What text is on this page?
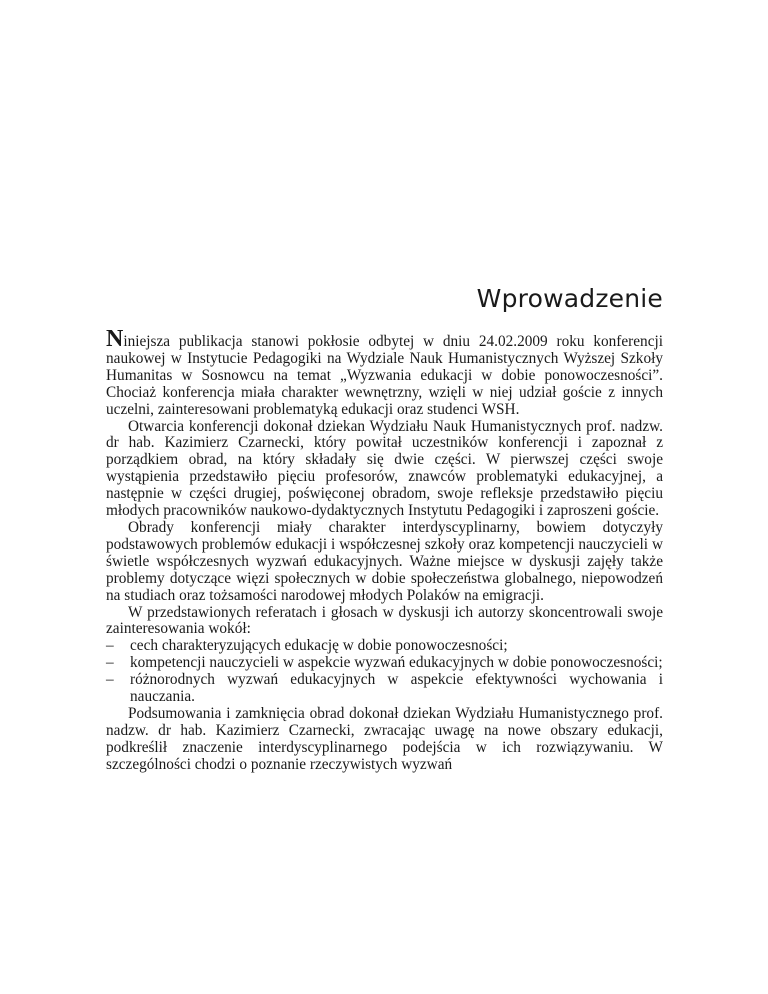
Wprowadzenie

Niniejsza publikacja stanowi pokłosie odbytej w dniu 24.02.2009 roku konferencji naukowej w Instytucie Pedagogiki na Wydziale Nauk Humanistycznych Wyższej Szkoły Humanitas w Sosnowcu na temat „Wyzwania edukacji w dobie ponowoczesności”. Chociaż konferencja miała charakter wewnętrzny, wzięli w niej udział goście z innych uczelni, zainteresowani problematyką edukacji oraz studenci WSH.

Otwarcia konferencji dokonał dziekan Wydziału Nauk Humanistycznych prof. nadzw. dr hab. Kazimierz Czarnecki, który powitał uczestników konferencji i zapoznał z porządkiem obrad, na który składały się dwie części. W pierwszej części swoje wystąpienia przedstawiło pięciu profesorów, znawców problematyki edukacyjnej, a następnie w części drugiej, poświęconej obradom, swoje refleksje przedstawiło pięciu młodych pracowników naukowo-dydaktycznych Instytutu Pedagogiki i zaproszeni goście.

Obrady konferencji miały charakter interdyscyplinarny, bowiem dotyczyły podstawowych problemów edukacji i współczesnej szkoły oraz kompetencji nauczycieli w świetle współczesnych wyzwań edukacyjnych. Ważne miejsce w dyskusji zajęły także problemy dotyczące więzi społecznych w dobie społeczeństwa globalnego, niepowodzeń na studiach oraz tożsamości narodowej młodych Polaków na emigracji.

W przedstawionych referatach i głosach w dyskusji ich autorzy skoncentrowali swoje zainteresowania wokół:

– cech charakteryzujących edukację w dobie ponowoczesności;
– kompetencji nauczycieli w aspekcie wyzwań edukacyjnych w dobie ponowoczesności;
– różnorodnych wyzwań edukacyjnych w aspekcie efektywności wychowania i nauczania.

Podsumowania i zamknięcia obrad dokonał dziekan Wydziału Humanistycznego prof. nadzw. dr hab. Kazimierz Czarnecki, zwracając uwagę na nowe obszary edukacji, podkreślił znaczenie interdyscyplinarnego podejścia w ich rozwiązywaniu. W szczególności chodzi o poznanie rzeczywistych wyzwań
